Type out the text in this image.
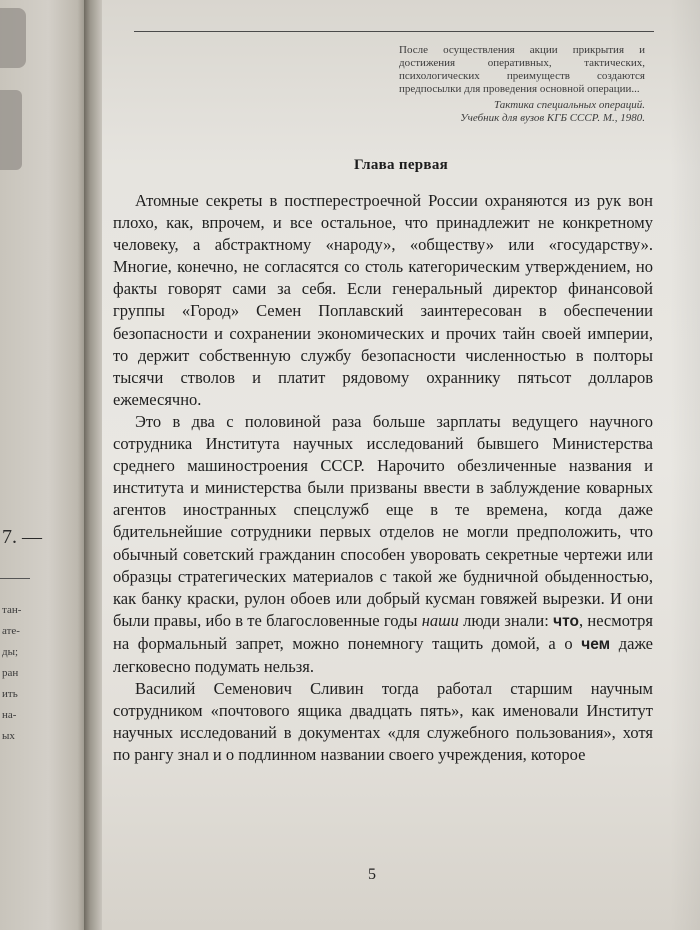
7. —
тан-
ате-
ды;
ран
ить
на-
ых
После осуществления акции прикрытия и достижения оперативных, тактических, психологических преимуществ создаются предпосылки для проведения основной операции...
Тактика специальных операций.
Учебник для вузов КГБ СССР. М., 1980.
Глава первая

Атомные секреты в постперестроечной России охраняются из рук вон плохо, как, впрочем, и все остальное, что принадлежит не конкретному человеку, а абстрактному «народу», «обществу» или «государству». Многие, конечно, не согласятся со столь категорическим утверждением, но факты говорят сами за себя. Если генеральный директор финансовой группы «Город» Семен Поплавский заинтересован в обеспечении безопасности и сохранении экономических и прочих тайн своей империи, то держит собственную службу безопасности численностью в полторы тысячи стволов и платит рядовому охраннику пятьсот долларов ежемесячно.

Это в два с половиной раза больше зарплаты ведущего научного сотрудника Института научных исследований бывшего Министерства среднего машиностроения СССР. Нарочито обезличенные названия и института и министерства были призваны ввести в заблуждение коварных агентов иностранных спецслужб еще в те времена, когда даже бдительнейшие сотрудники первых отделов не могли предположить, что обычный советский гражданин способен уворовать секретные чертежи или образцы стратегических материалов с такой же будничной обыденностью, как банку краски, рулон обоев или добрый кусман говяжей вырезки. И они были правы, ибо в те благословенные годы наши люди знали: что, несмотря на формальный запрет, можно понемногу тащить домой, а о чем даже легковесно подумать нельзя.

Василий Семенович Сливин тогда работал старшим научным сотрудником «почтового ящика двадцать пять», как именовали Институт научных исследований в документах «для служебного пользования», хотя по рангу знал и о подлинном названии своего учреждения, которое

5
